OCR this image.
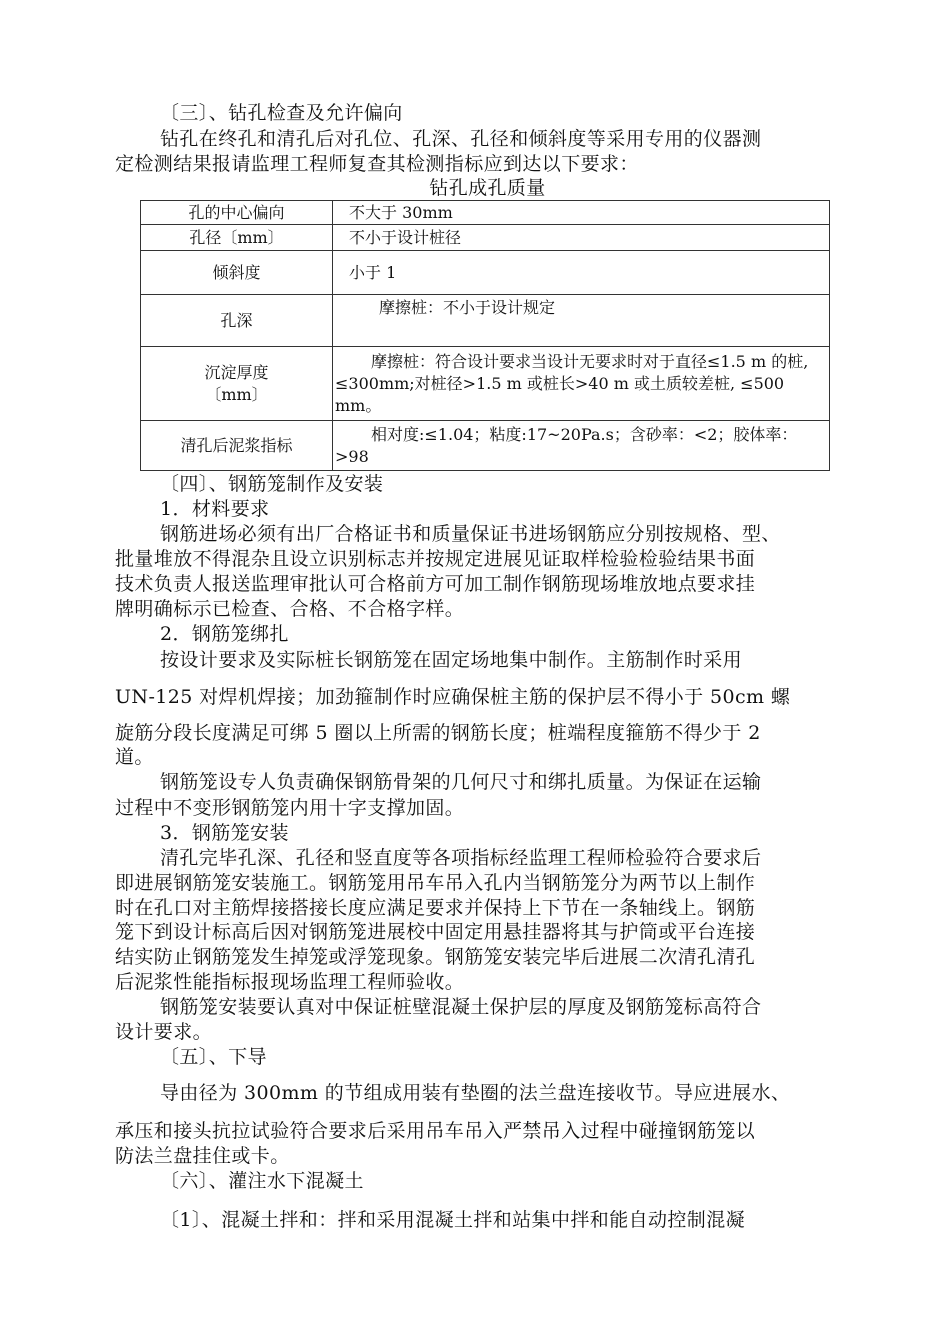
〔三〕、钻孔检查及允许偏向
钻孔在终孔和清孔后对孔位、孔深、孔径和倾斜度等采用专用的仪器测
定检测结果报请监理工程师复查其检测指标应到达以下要求：
钻孔成孔质量
孔的中心偏向	不大于 30mm
孔径〔mm〕	不小于设计桩径
倾斜度	小于 1
孔深	摩擦桩：不小于设计规定

沉淀厚度
〔mm〕	摩擦桩：符合设计要求当设计无要求时对于直径≤1.5 m 的桩, ≤300mm;对桩径>1.5 m 或桩长>40 m 或土质较差桩, ≤500 mm。

清孔后泥浆指标	相对度:≤1.04；粘度:17~20Pa.s；含砂率：<2；胶体率：>98
〔四〕、钢筋笼制作及安装
1．材料要求
钢筋进场必须有出厂合格证书和质量保证书进场钢筋应分别按规格、型、
批量堆放不得混杂且设立识别标志并按规定进展见证取样检验检验结果书面
技术负责人报送监理审批认可合格前方可加工制作钢筋现场堆放地点要求挂
牌明确标示已检查、合格、不合格字样。
2．钢筋笼绑扎
按设计要求及实际桩长钢筋笼在固定场地集中制作。主筋制作时采用
UN-125 对焊机焊接；加劲箍制作时应确保桩主筋的保护层不得小于 50cm 螺
旋筋分段长度满足可绑 5 圈以上所需的钢筋长度；桩端程度箍筋不得少于 2
道。
钢筋笼设专人负责确保钢筋骨架的几何尺寸和绑扎质量。为保证在运输
过程中不变形钢筋笼内用十字支撑加固。
3．钢筋笼安装
清孔完毕孔深、孔径和竖直度等各项指标经监理工程师检验符合要求后
即进展钢筋笼安装施工。钢筋笼用吊车吊入孔内当钢筋笼分为两节以上制作
时在孔口对主筋焊接搭接长度应满足要求并保持上下节在一条轴线上。钢筋
笼下到设计标高后因对钢筋笼进展校中固定用悬挂器将其与护筒或平台连接
结实防止钢筋笼发生掉笼或浮笼现象。钢筋笼安装完毕后进展二次清孔清孔
后泥浆性能指标报现场监理工程师验收。
钢筋笼安装要认真对中保证桩壁混凝土保护层的厚度及钢筋笼标高符合
设计要求。
〔五〕、下导
导由径为 300mm 的节组成用装有垫圈的法兰盘连接收节。导应进展水、
承压和接头抗拉试验符合要求后采用吊车吊入严禁吊入过程中碰撞钢筋笼以
防法兰盘挂住或卡。
〔六〕、灌注水下混凝土
〔1〕、混凝土拌和：拌和采用混凝土拌和站集中拌和能自动控制混凝
